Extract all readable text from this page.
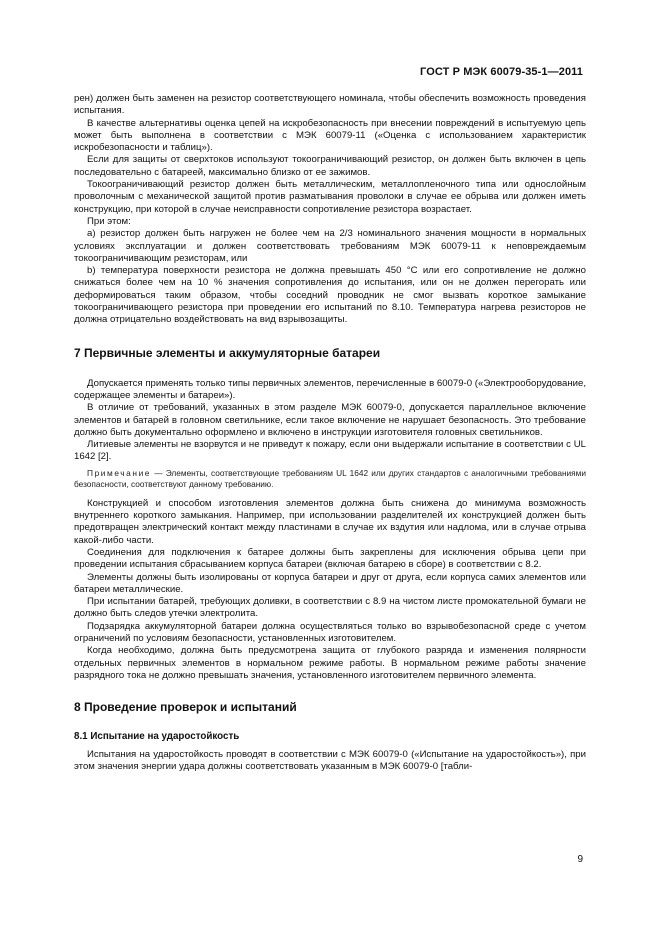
ГОСТ Р МЭК 60079-35-1—2011

рен) должен быть заменен на резистор соответствующего номинала, чтобы обеспечить возможность проведения испытания.

В качестве альтернативы оценка цепей на искробезопасность при внесении повреждений в испытуемую цепь может быть выполнена в соответствии с МЭК 60079-11 («Оценка с использованием характеристик искробезопасности и таблиц»).

Если для защиты от сверхтоков используют токоограничивающий резистор, он должен быть включен в цепь последовательно с батареей, максимально близко от ее зажимов.

Токоограничивающий резистор должен быть металлическим, металлопленочного типа или однослойным проволочным с механической защитой против разматывания проволоки в случае ее обрыва или должен иметь конструкцию, при которой в случае неисправности сопротивление резистора возрастает.

При этом:

a) резистор должен быть нагружен не более чем на 2/3 номинального значения мощности в нормальных условиях эксплуатации и должен соответствовать требованиям МЭК 60079-11 к неповреждаемым токоограничивающим резисторам, или

b) температура поверхности резистора не должна превышать 450 °С или его сопротивление не должно снижаться более чем на 10 % значения сопротивления до испытания, или он не должен перегорать или деформироваться таким образом, чтобы соседний проводник не смог вызвать короткое замыкание токоограничивающего резистора при проведении его испытаний по 8.10. Температура нагрева резисторов не должна отрицательно воздействовать на вид взрывозащиты.

7 Первичные элементы и аккумуляторные батареи

Допускается применять только типы первичных элементов, перечисленные в 60079-0 («Электрооборудование, содержащее элементы и батареи»).

В отличие от требований, указанных в этом разделе МЭК 60079-0, допускается параллельное включение элементов и батарей в головном светильнике, если такое включение не нарушает безопасность. Это требование должно быть документально оформлено и включено в инструкции изготовителя головных светильников.

Литиевые элементы не взорвутся и не приведут к пожару, если они выдержали испытание в соответствии с UL 1642 [2].

Примечание — Элементы, соответствующие требованиям UL 1642 или других стандартов с аналогичными требованиями безопасности, соответствуют данному требованию.

Конструкцией и способом изготовления элементов должна быть снижена до минимума возможность внутреннего короткого замыкания. Например, при использовании разделителей их конструкцией должен быть предотвращен электрический контакт между пластинами в случае их вздутия или надлома, или в случае отрыва какой-либо части.

Соединения для подключения к батарее должны быть закреплены для исключения обрыва цепи при проведении испытания сбрасыванием корпуса батареи (включая батарею в сборе) в соответствии с 8.2.

Элементы должны быть изолированы от корпуса батареи и друг от друга, если корпуса самих элементов или батареи металлические.

При испытании батарей, требующих доливки, в соответствии с 8.9 на чистом листе промокательной бумаги не должно быть следов утечки электролита.

Подзарядка аккумуляторной батареи должна осуществляться только во взрывобезопасной среде с учетом ограничений по условиям безопасности, установленных изготовителем.

Когда необходимо, должна быть предусмотрена защита от глубокого разряда и изменения полярности отдельных первичных элементов в нормальном режиме работы. В нормальном режиме работы значение разрядного тока не должно превышать значения, установленного изготовителем первичного элемента.

8 Проведение проверок и испытаний
8.1 Испытание на ударостойкость

Испытания на ударостойкость проводят в соответствии с МЭК 60079-0 («Испытание на ударостойкость»), при этом значения энергии удара должны соответствовать указанным в МЭК 60079-0 [табли-

9
